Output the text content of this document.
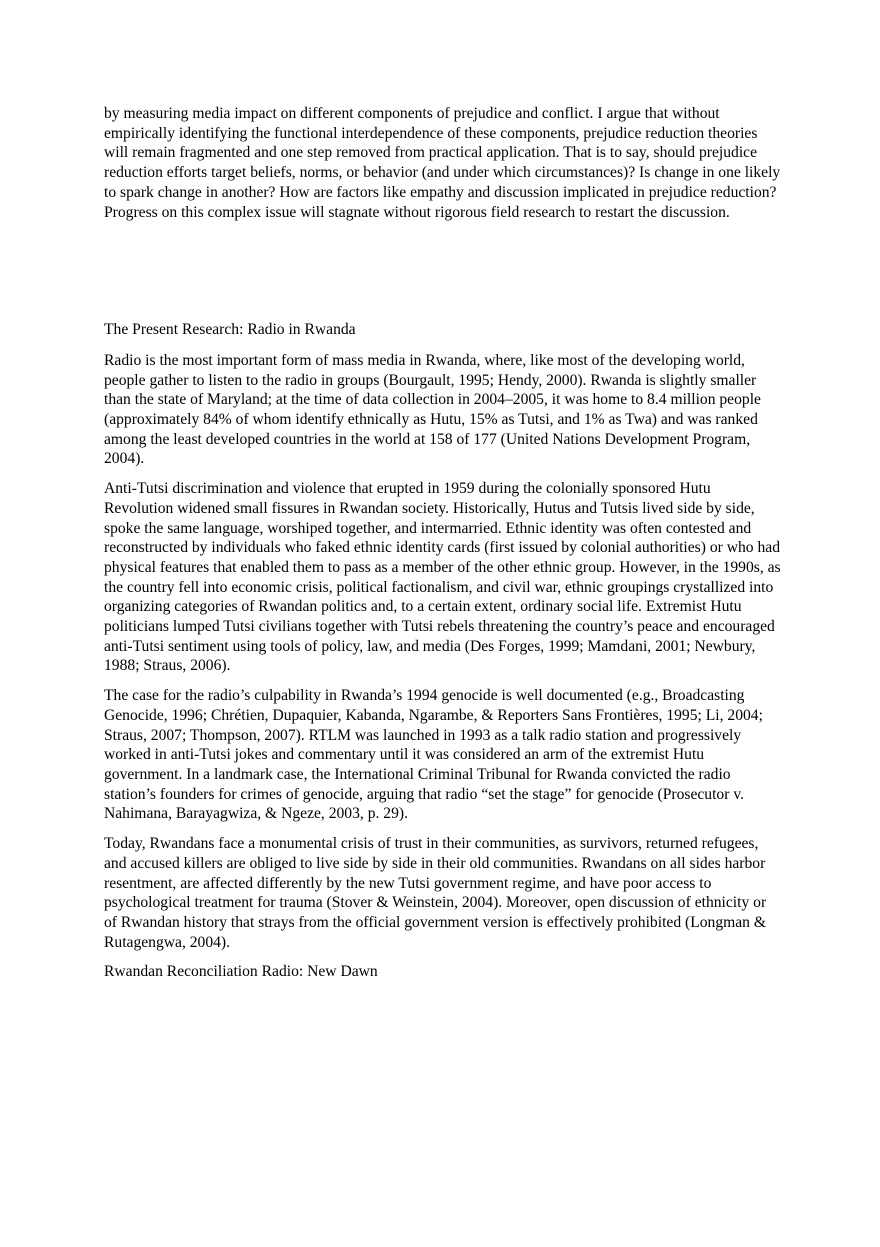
by measuring media impact on different components of prejudice and conflict. I argue that without empirically identifying the functional interdependence of these components, prejudice reduction theories will remain fragmented and one step removed from practical application. That is to say, should prejudice reduction efforts target beliefs, norms, or behavior (and under which circumstances)? Is change in one likely to spark change in another? How are factors like empathy and discussion implicated in prejudice reduction? Progress on this complex issue will stagnate without rigorous field research to restart the discussion.

The Present Research: Radio in Rwanda

Radio is the most important form of mass media in Rwanda, where, like most of the developing world, people gather to listen to the radio in groups (Bourgault, 1995; Hendy, 2000). Rwanda is slightly smaller than the state of Maryland; at the time of data collection in 2004–2005, it was home to 8.4 million people (approximately 84% of whom identify ethnically as Hutu, 15% as Tutsi, and 1% as Twa) and was ranked among the least developed countries in the world at 158 of 177 (United Nations Development Program, 2004).

Anti-Tutsi discrimination and violence that erupted in 1959 during the colonially sponsored Hutu Revolution widened small fissures in Rwandan society. Historically, Hutus and Tutsis lived side by side, spoke the same language, worshiped together, and intermarried. Ethnic identity was often contested and reconstructed by individuals who faked ethnic identity cards (first issued by colonial authorities) or who had physical features that enabled them to pass as a member of the other ethnic group. However, in the 1990s, as the country fell into economic crisis, political factionalism, and civil war, ethnic groupings crystallized into organizing categories of Rwandan politics and, to a certain extent, ordinary social life. Extremist Hutu politicians lumped Tutsi civilians together with Tutsi rebels threatening the country’s peace and encouraged anti-Tutsi sentiment using tools of policy, law, and media (Des Forges, 1999; Mamdani, 2001; Newbury, 1988; Straus, 2006).

The case for the radio’s culpability in Rwanda’s 1994 genocide is well documented (e.g., Broadcasting Genocide, 1996; Chrétien, Dupaquier, Kabanda, Ngarambe, & Reporters Sans Frontières, 1995; Li, 2004; Straus, 2007; Thompson, 2007). RTLM was launched in 1993 as a talk radio station and progressively worked in anti-Tutsi jokes and commentary until it was considered an arm of the extremist Hutu government. In a landmark case, the International Criminal Tribunal for Rwanda convicted the radio station’s founders for crimes of genocide, arguing that radio “set the stage” for genocide (Prosecutor v. Nahimana, Barayagwiza, & Ngeze, 2003, p. 29).

Today, Rwandans face a monumental crisis of trust in their communities, as survivors, returned refugees, and accused killers are obliged to live side by side in their old communities. Rwandans on all sides harbor resentment, are affected differently by the new Tutsi government regime, and have poor access to psychological treatment for trauma (Stover & Weinstein, 2004). Moreover, open discussion of ethnicity or of Rwandan history that strays from the official government version is effectively prohibited (Longman & Rutagengwa, 2004).

Rwandan Reconciliation Radio: New Dawn
